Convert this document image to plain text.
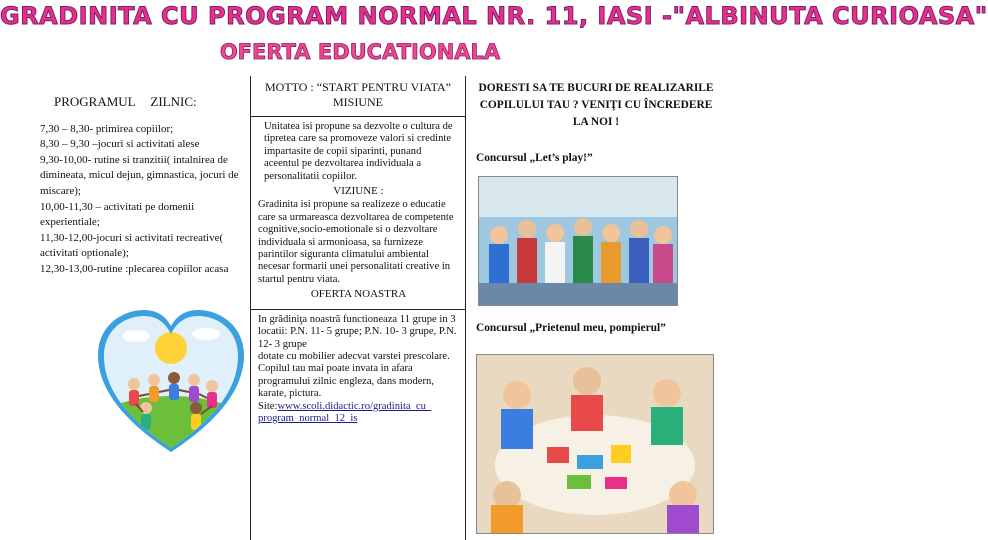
GRADINITA CU PROGRAM NORMAL NR. 11, IASI -"ALBINUTA CURIOASA"
OFERTA EDUCATIONALA
PROGRAMUL ZILNIC:
7,30 – 8,30- primirea copiilor;
8,30 – 9,30 –jocuri si activitati alese
9,30-10,00- rutine si tranzitii( intalnirea de dimineata, micul dejun, gimnastica, jocuri de miscare);
10,00-11,30 – activitati pe domenii experientiale;
11,30-12,00-jocuri si activitati recreative( activitati optionale);
12,30-13,00-rutine :plecarea copiilor acasa
MOTTO : “START PENTRU VIATA”
MISIUNE
Unitatea isi propune sa dezvolte o cultura de tipretea care sa promoveze valori si credinte impartasite de copii siparinti, punand aceentul pe dezvoltarea individuala a personalitatii copiilor.
VIZIUNE :
Gradinita isi propune sa realizeze o educatie care sa urmareasca dezvoltarea de competente cognitive,socio-emotionale si o dezvoltare individuala si armonioasa, sa furnizeze parintilor siguranta climatului ambiental necesar formarii unei personalitati creative in startul pentru viata.
OFERTA NOASTRA
In grădiniţa noastră functioneaza 11 grupe in 3 locatii: P.N. 11- 5 grupe; P.N. 10- 3 grupe, P.N. 12- 3 grupe
dotate cu mobilier adecvat varstei prescolare.
Copilul tau mai poate invata in afara programului zilnic engleza, dans modern, karate, pictura.
Site:www.scoli.didactic.ro/gradinita_cu_ program_normal_12_is
DORESTI SA TE BUCURI DE REALIZARILE COPILULUI TAU ? VENIŢI CU ÎNCREDERE LA NOI !
Concursul „Let’s play!”
Concursul „Prietenul meu, pompierul”
